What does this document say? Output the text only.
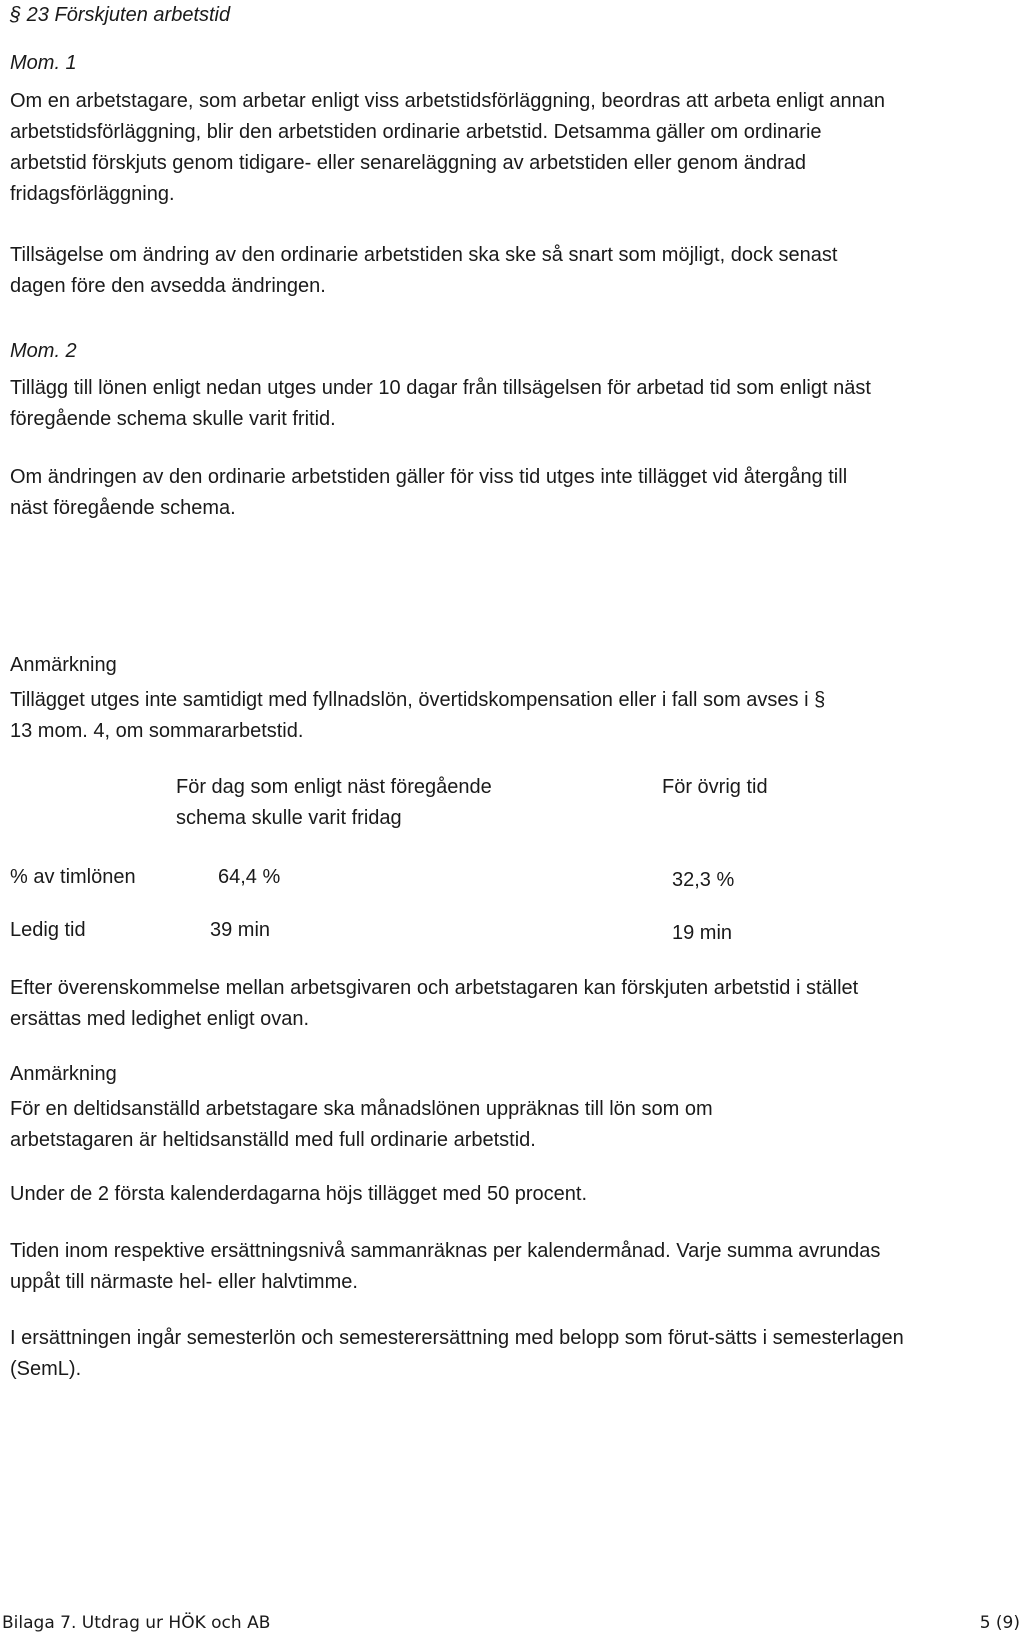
§ 23 Förskjuten arbetstid
Mom. 1
Om en arbetstagare, som arbetar enligt viss arbetstidsförläggning, beordras att arbeta enligt annan arbetstidsförläggning, blir den arbetstiden ordinarie arbetstid. Detsamma gäller om ordinarie arbetstid förskjuts genom tidigare- eller senareläggning av arbetstiden eller genom ändrad fridagsförläggning.
Tillsägelse om ändring av den ordinarie arbetstiden ska ske så snart som möjligt, dock senast dagen före den avsedda ändringen.
Mom. 2
Tillägg till lönen enligt nedan utges under 10 dagar från tillsägelsen för arbetad tid som enligt näst föregående schema skulle varit fritid.
Om ändringen av den ordinarie arbetstiden gäller för viss tid utges inte tillägget vid återgång till näst föregående schema.
Anmärkning
Tillägget utges inte samtidigt med fyllnadslön, övertidskompensation eller i fall som avses i § 13 mom. 4, om sommararbetstid.
För dag som enligt näst föregående schema skulle varit fridag
För övrig tid
% av timlönen	64,4 %	32,3 %
Ledig tid	39 min	19 min
Efter överenskommelse mellan arbetsgivaren och arbetstagaren kan förskjuten arbetstid i stället ersättas med ledighet enligt ovan.
Anmärkning
För en deltidsanställd arbetstagare ska månadslönen uppräknas till lön som om arbetstagaren är heltidsanställd med full ordinarie arbetstid.
Under de 2 första kalenderdagarna höjs tillägget med 50 procent.
Tiden inom respektive ersättningsnivå sammanräknas per kalendermånad. Varje summa avrundas uppåt till närmaste hel- eller halvtimme.
I ersättningen ingår semesterlön och semesterersättning med belopp som förut-sätts i semesterlagen (SemL).
Bilaga 7. Utdrag ur HÖK och AB	5 (9)
